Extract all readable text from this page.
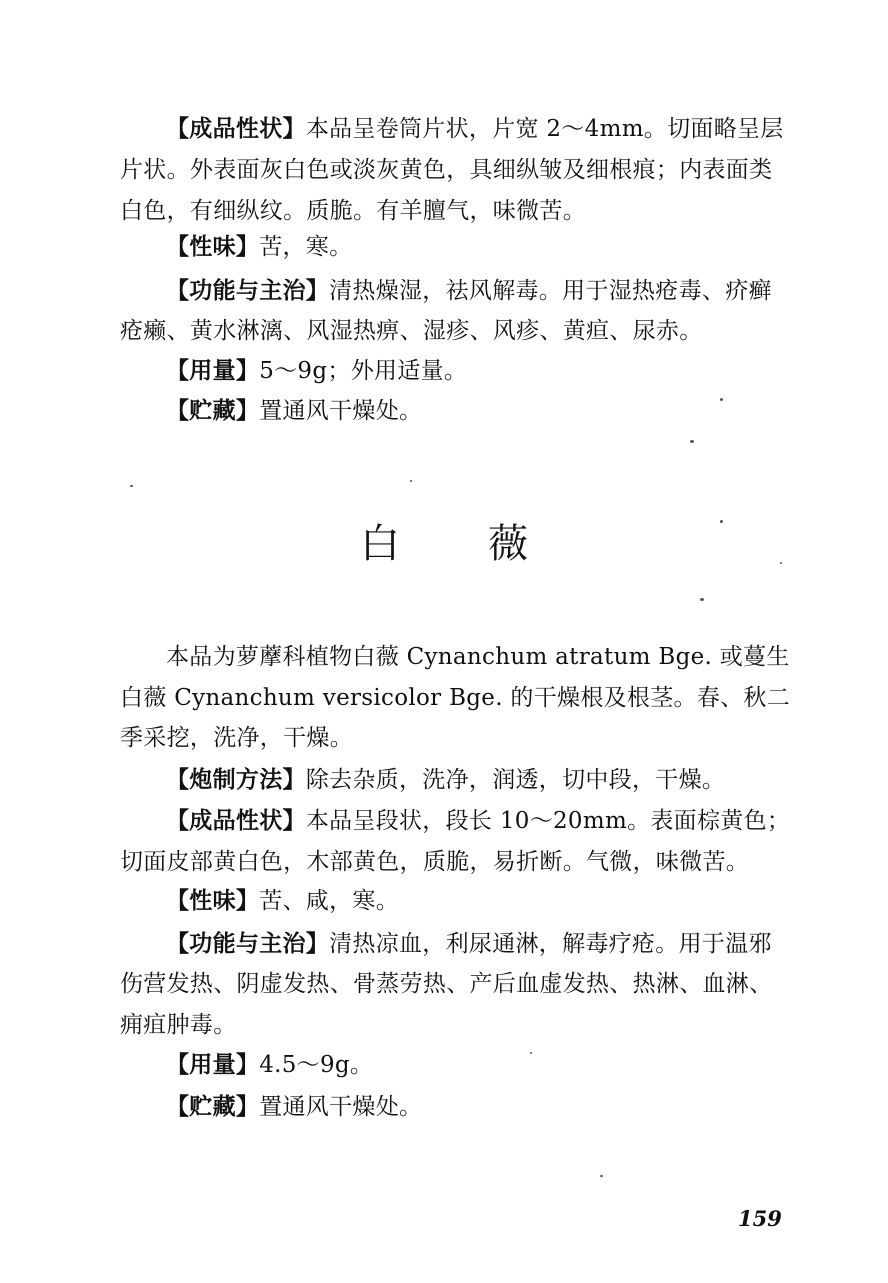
【成品性状】本品呈卷筒片状，片宽 2～4mm。切面略呈层
片状。外表面灰白色或淡灰黄色，具细纵皱及细根痕；内表面类
白色，有细纵纹。质脆。有羊膻气，味微苦。
【性味】苦，寒。
【功能与主治】清热燥湿，祛风解毒。用于湿热疮毒、疥癣
疮癞、黄水淋漓、风湿热痹、湿疹、风疹、黄疸、尿赤。
【用量】5～9g；外用适量。
【贮藏】置通风干燥处。
白薇
本品为萝藦科植物白薇 Cynanchum atratum Bge. 或蔓生
白薇 Cynanchum versicolor Bge. 的干燥根及根茎。春、秋二
季采挖，洗净，干燥。
【炮制方法】除去杂质，洗净，润透，切中段，干燥。
【成品性状】本品呈段状，段长 10～20mm。表面棕黄色；
切面皮部黄白色，木部黄色，质脆，易折断。气微，味微苦。
【性味】苦、咸，寒。
【功能与主治】清热凉血，利尿通淋，解毒疗疮。用于温邪
伤营发热、阴虚发热、骨蒸劳热、产后血虚发热、热淋、血淋、
痈疽肿毒。
【用量】4.5～9g。
【贮藏】置通风干燥处。
159
